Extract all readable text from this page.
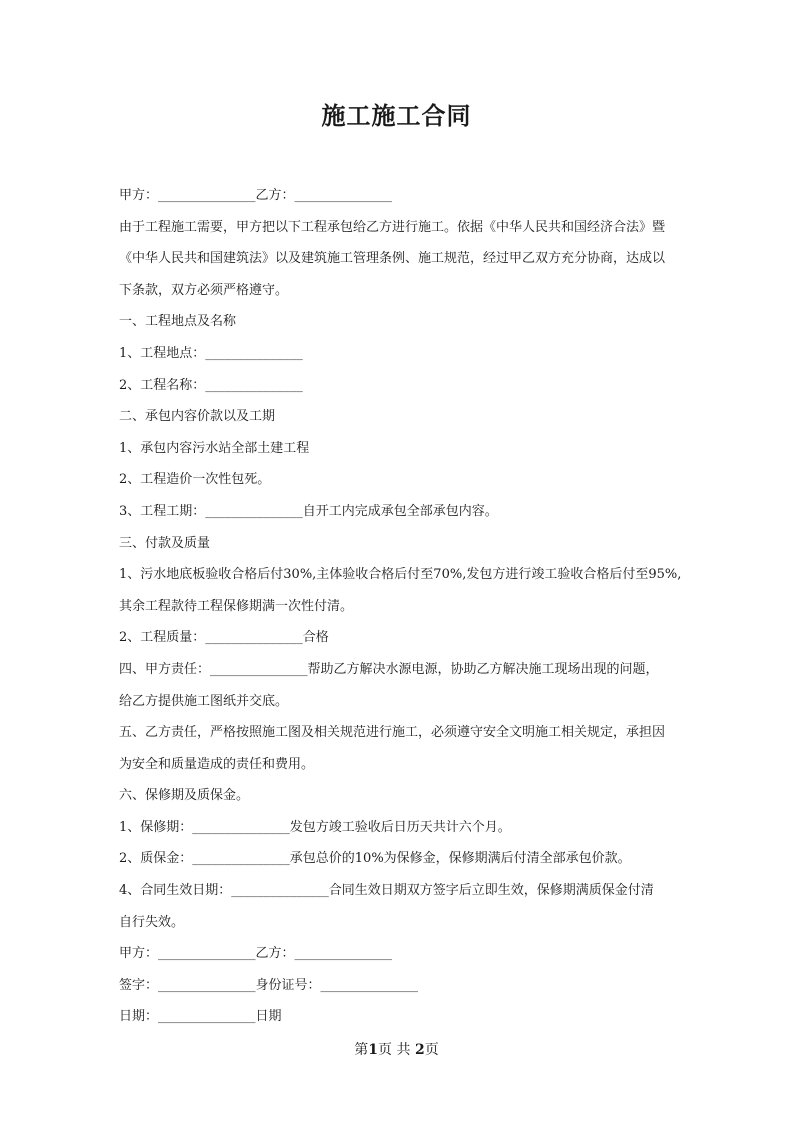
施工施工合同
甲方：_______________乙方：_______________
由于工程施工需要，甲方把以下工程承包给乙方进行施工。依据《中华人民共和国经济合法》暨
《中华人民共和国建筑法》以及建筑施工管理条例、施工规范，经过甲乙双方充分协商，达成以
下条款，双方必须严格遵守。
一、工程地点及名称
1、工程地点：_______________
2、工程名称：_______________
二、承包内容价款以及工期
1、承包内容污水站全部土建工程
2、工程造价一次性包死。
3、工程工期：_______________自开工内完成承包全部承包内容。
三、付款及质量
1、污水地底板验收合格后付30%,主体验收合格后付至70%,发包方进行竣工验收合格后付至95%,
其余工程款待工程保修期满一次性付清。
2、工程质量：_______________合格
四、甲方责任：_______________帮助乙方解决水源电源，协助乙方解决施工现场出现的问题，
给乙方提供施工图纸并交底。
五、乙方责任，严格按照施工图及相关规范进行施工，必须遵守安全文明施工相关规定，承担因
为安全和质量造成的责任和费用。
六、保修期及质保金。
1、保修期：_______________发包方竣工验收后日历天共计六个月。
2、质保金：_______________承包总价的10%为保修金，保修期满后付清全部承包价款。
4、合同生效日期：_______________合同生效日期双方签字后立即生效，保修期满质保金付清
自行失效。
甲方：_______________乙方：_______________
签字：_______________身份证号：_______________
日期：_______________日期
第1页 共 2页
